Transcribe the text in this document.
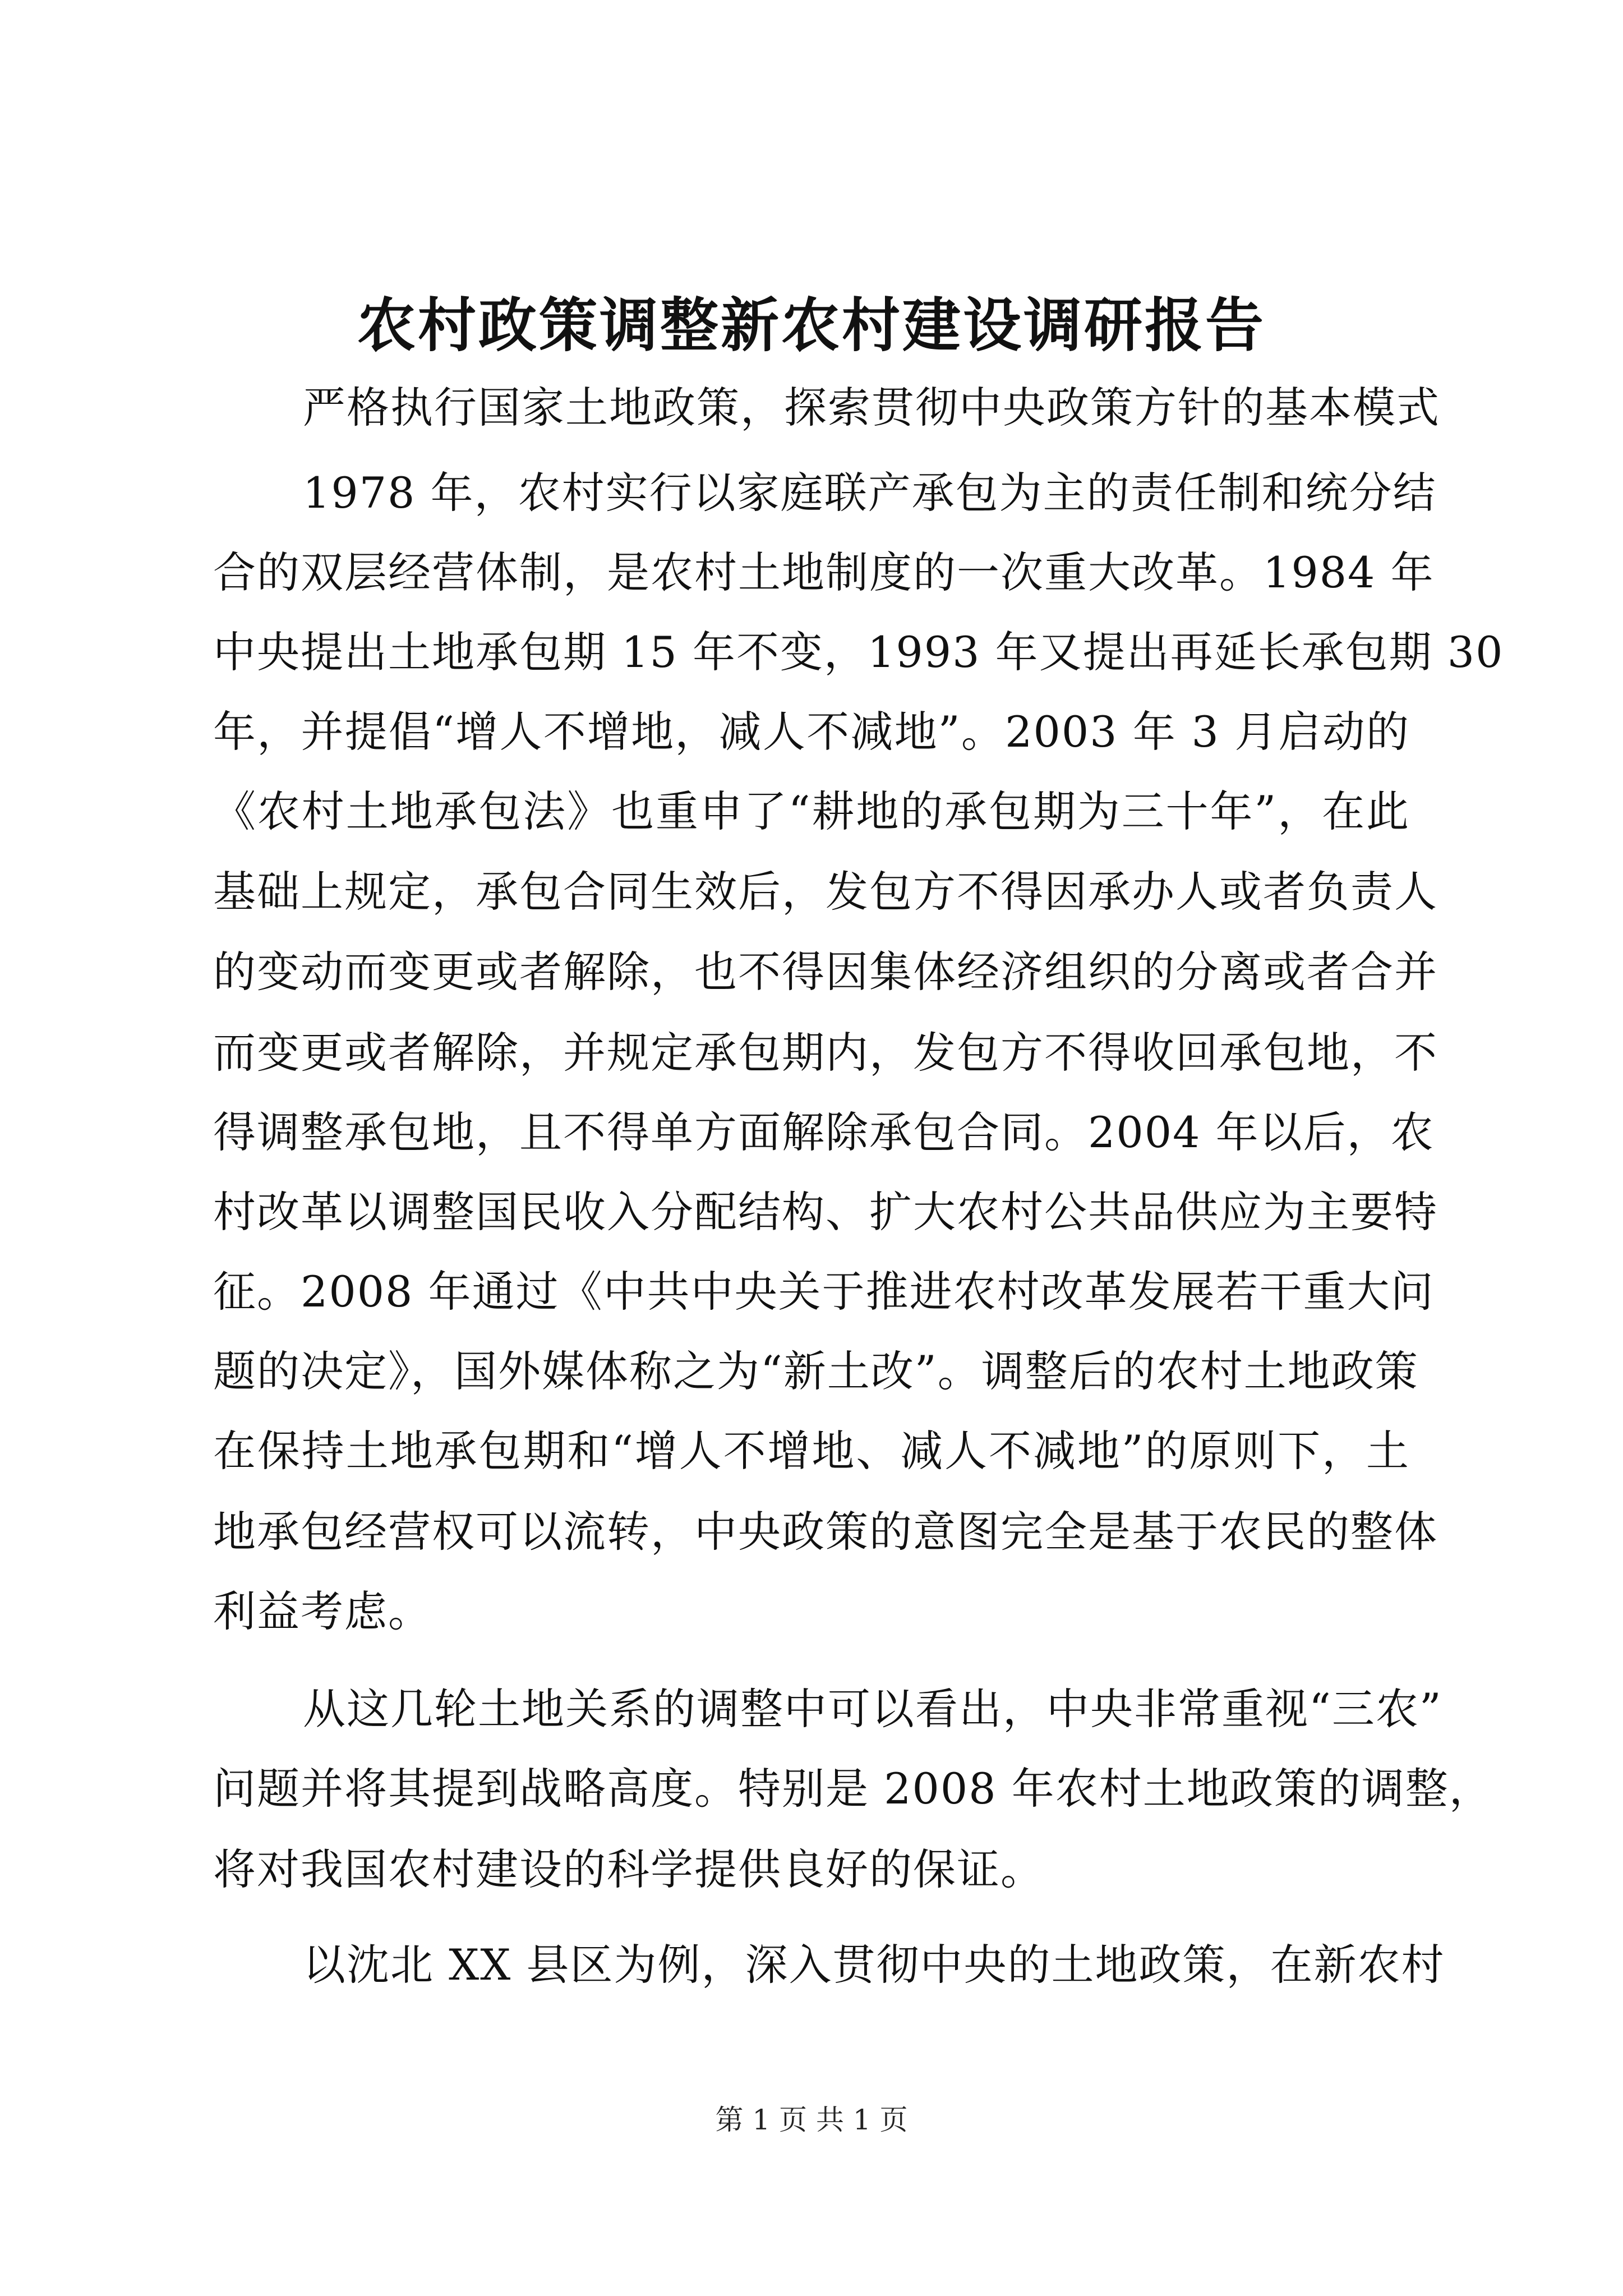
农村政策调整新农村建设调研报告
严格执行国家土地政策，探索贯彻中央政策方针的基本模式
1978 年，农村实行以家庭联产承包为主的责任制和统分结
合的双层经营体制，是农村土地制度的一次重大改革。1984 年
中央提出土地承包期 15 年不变，1993 年又提出再延长承包期 30
年，并提倡“增人不增地，减人不减地”。2003 年 3 月启动的
《农村土地承包法》也重申了“耕地的承包期为三十年”，在此
基础上规定，承包合同生效后，发包方不得因承办人或者负责人
的变动而变更或者解除，也不得因集体经济组织的分离或者合并
而变更或者解除，并规定承包期内，发包方不得收回承包地，不
得调整承包地，且不得单方面解除承包合同。2004 年以后，农
村改革以调整国民收入分配结构、扩大农村公共品供应为主要特
征。2008 年通过《中共中央关于推进农村改革发展若干重大问
题的决定》，国外媒体称之为“新土改”。调整后的农村土地政策
在保持土地承包期和“增人不增地、减人不减地”的原则下，土
地承包经营权可以流转，中央政策的意图完全是基于农民的整体
利益考虑。
从这几轮土地关系的调整中可以看出，中央非常重视“三农”
问题并将其提到战略高度。特别是 2008 年农村土地政策的调整，
将对我国农村建设的科学提供良好的保证。
以沈北 XX 县区为例，深入贯彻中央的土地政策，在新农村
第 1 页 共 1 页
